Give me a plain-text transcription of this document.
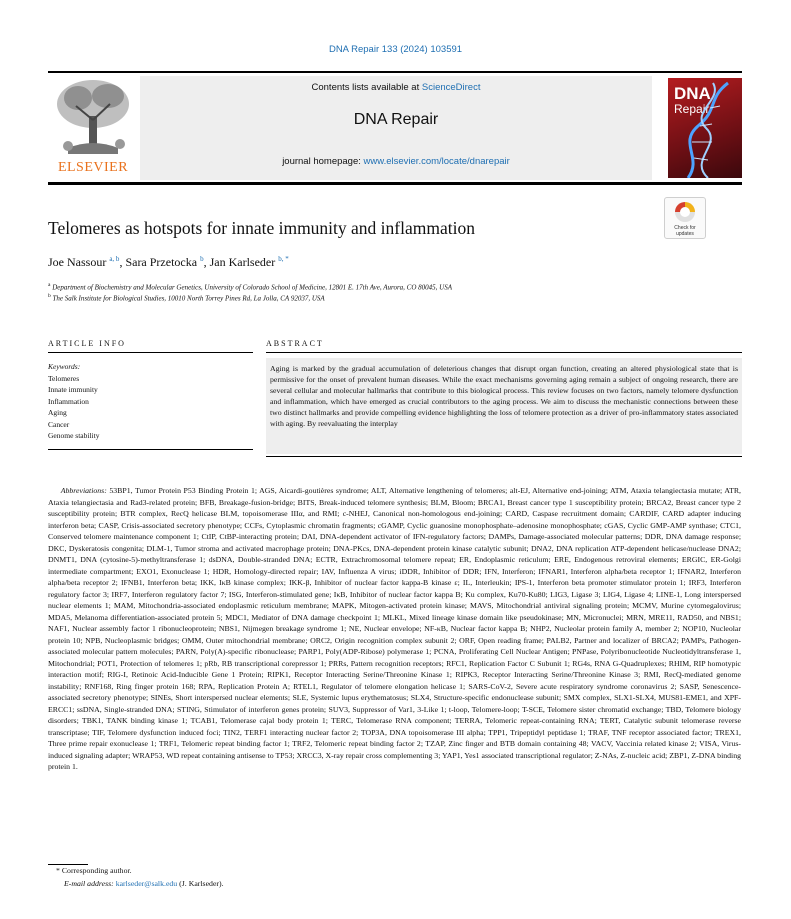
DNA Repair 133 (2024) 103591
ELSEVIER
Contents lists available at ScienceDirect
DNA Repair
journal homepage: www.elsevier.com/locate/dnarepair
DNA
Repair
Check for updates
Telomeres as hotspots for innate immunity and inflammation
Joe Nassour $^{a, b}$, Sara Przetocka $^b$, Jan Karlseder $^{b, *}$
$^a$ Department of Biochemistry and Molecular Genetics, University of Colorado School of Medicine, 12801 E. 17th Ave, Aurora, CO 80045, USA
$^b$ The Salk Institute for Biological Studies, 10010 North Torrey Pines Rd, La Jolla, CA 92037, USA
ARTICLE INFO
Keywords:
Telomeres
Innate immunity
Inflammation
Aging
Cancer
Genome stability
ABSTRACT
Aging is marked by the gradual accumulation of deleterious changes that disrupt organ function, creating an altered physiological state that is permissive for the onset of prevalent human diseases. While the exact mechanisms governing aging remain a subject of ongoing research, there are several cellular and molecular hallmarks that contribute to this biological process. This review focuses on two factors, namely telomere dysfunction and inflammation, which have emerged as crucial contributors to the aging process. We aim to discuss the mechanistic connections between these two distinct hallmarks and provide compelling evidence highlighting the loss of telomere protection as a driver of pro-inflammatory states associated with aging. By reevaluating the interplay
Abbreviations: 53BP1, Tumor Protein P53 Binding Protein 1; AGS, Aicardi-goutières syndrome; ALT, Alternative lengthening of telomeres; alt-EJ, Alternative end-joining; ATM, Ataxia telangiectasia mutate; ATR, Ataxia telangiectasia and Rad3-related protein; BFB, Breakage-fusion-bridge; BITS, Break-induced telomere synthesis; BLM, Bloom; BRCA1, Breast cancer type 1 susceptibility protein; BRCA2, Breast cancer type 2 susceptibility protein; BTR complex, RecQ helicase BLM, topoisomerase IIIα, and RMI; c-NHEJ, Canonical non-homologous end-joining; CARD, Caspase recruitment domain; CARDIF, CARD adapter inducing interferon beta; CASP, Crisis-associated secretory phenotype; CCFs, Cytoplasmic chromatin fragments; cGAMP, Cyclic guanosine monophosphate–adenosine monophosphate; cGAS, Cyclic GMP-AMP synthase; CTC1, Conserved telomere maintenance component 1; CtIP, CtBP-interacting protein; DAI, DNA-dependent activator of IFN-regulatory factors; DAMPs, Damage-associated molecular patterns; DDR, DNA damage response; DKC, Dyskeratosis congenita; DLM-1, Tumor stroma and activated macrophage protein; DNA-PKcs, DNA-dependent protein kinase catalytic subunit; DNA2, DNA replication ATP-dependent helicase/nuclease DNA2; DNMT1, DNA (cytosine-5)-methyltransferase 1; dsDNA, Double-stranded DNA; ECTR, Extrachromosomal telomere repeat; ER, Endoplasmic reticulum; ERE, Endogenous retroviral elements; ERGIC, ER-Golgi intermediate compartment; EXO1, Exonuclease 1; HDR, Homology-directed repair; IAV, Influenza A virus; iDDR, Inhibitor of DDR; IFN, Interferon; IFNAR1, Interferon alpha/beta receptor 1; IFNAR2, Interferon alpha/beta receptor 2; IFNB1, Interferon beta; IKK, IκB kinase complex; IKK-β, Inhibitor of nuclear factor kappa-B kinase ε; IL, Interleukin; IPS-1, Interferon beta promoter stimulator protein 1; IRF3, Interferon regulatory factor 3; IRF7, Interferon regulatory factor 7; ISG, Interferon-stimulated gene; IκB, Inhibitor of nuclear factor kappa B; Ku complex, Ku70-Ku80; LIG3, Ligase 3; LIG4, Ligase 4; LINE-1, Long interspersed nuclear elements 1; MAM, Mitochondria-associated endoplasmic reticulum membrane; MAPK, Mitogen-activated protein kinase; MAVS, Mitochondrial antiviral signaling protein; MCMV, Murine cytomegalovirus; MDA5, Melanoma differentiation-associated protein 5; MDC1, Mediator of DNA damage checkpoint 1; MLKL, Mixed lineage kinase domain like pseudokinase; MN, Micronuclei; MRN, MRE11, RAD50, and NBS1; NAF1, Nuclear assembly factor 1 ribonucleoprotein; NBS1, Nijmegen breakage syndrome 1; NE, Nuclear envelope; NF-κB, Nuclear factor kappa B; NHP2, Nucleolar protein family A, member 2; NOP10, Nucleolar protein 10; NPB, Nucleoplasmic bridges; OMM, Outer mitochondrial membrane; ORC2, Origin recognition complex subunit 2; ORF, Open reading frame; PALB2, Partner and localizer of BRCA2; PAMPs, Pathogen-associated molecular pattern molecules; PARN, Poly(A)-specific ribonuclease; PARP1, Poly(ADP-Ribose) polymerase 1; PCNA, Proliferating Cell Nuclear Antigen; PNPase, Polyribonucleotide Nucleotidyltransferase 1, Mitochondrial; POT1, Protection of telomeres 1; pRb, RB transcriptional corepressor 1; PRRs, Pattern recognition receptors; RFC1, Replication Factor C Subunit 1; RG4s, RNA G-Quadruplexes; RHIM, RIP homotypic interaction motif; RIG-I, Retinoic Acid-Inducible Gene 1 Protein; RIPK1, Receptor Interacting Serine/Threonine Kinase 1; RIPK3, Receptor Interacting Serine/Threonine Kinase 3; RMI, RecQ-mediated genome instability; RNF168, Ring finger protein 168; RPA, Replication Protein A; RTEL1, Regulator of telomere elongation helicase 1; SARS-CoV-2, Severe acute respiratory syndrome coronavirus 2; SASP, Senescence-associated secretory phenotype; SINEs, Short interspersed nuclear elements; SLE, Systemic lupus erythematosus; SLX4, Structure-specific endonuclease subunit; SMX complex, SLX1-SLX4, MUS81-EME1, and XPF-ERCC1; ssDNA, Single-stranded DNA; STING, Stimulator of interferon genes protein; SUV3, Suppressor of Var1, 3-Like 1; t-loop, Telomere-loop; T-SCE, Telomere sister chromatid exchange; TBD, Telomere biology disorders; TBK1, TANK binding kinase 1; TCAB1, Telomerase cajal body protein 1; TERC, Telomerase RNA component; TERRA, Telomeric repeat-containing RNA; TERT, Catalytic subunit telomerase reverse transcriptase; TIF, Telomere dysfunction induced foci; TIN2, TERF1 interacting nuclear factor 2; TOP3A, DNA topoisomerase III alpha; TPP1, Tripeptidyl peptidase 1; TRAF, TNF receptor associated factor; TREX1, Three prime repair exonuclease 1; TRF1, Telomeric repeat binding factor 1; TRF2, Telomeric repeat binding factor 2; TZAP, Zinc finger and BTB domain containing 48; VACV, Vaccinia related kinase 2; VISA, Virus-induced signaling adapter; WRAP53, WD repeat containing antisense to TP53; XRCC3, X-ray repair cross complementing 3; YAP1, Yes1 associated transcriptional regulator; Z-NAs, Z-nucleic acid; ZBP1, Z-DNA binding protein 1.
* Corresponding author.
E-mail address: karlseder@salk.edu (J. Karlseder).
